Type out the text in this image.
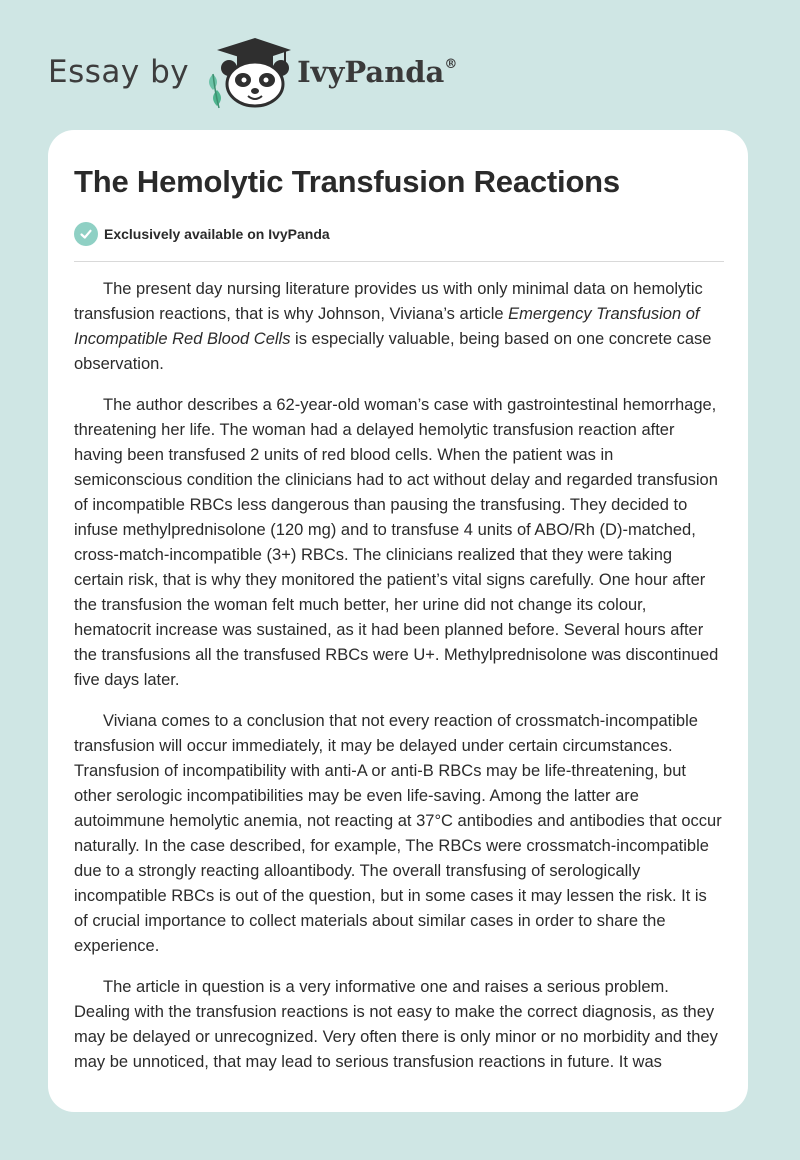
Essay by	IvyPanda®
The Hemolytic Transfusion Reactions
Exclusively available on IvyPanda

The present day nursing literature provides us with only minimal data on hemolytic transfusion reactions, that is why Johnson, Viviana’s article Emergency Transfusion of Incompatible Red Blood Cells is especially valuable, being based on one concrete case observation.

The author describes a 62-year-old woman’s case with gastrointestinal hemorrhage, threatening her life. The woman had a delayed hemolytic transfusion reaction after having been transfused 2 units of red blood cells. When the patient was in semiconscious condition the clinicians had to act without delay and regarded transfusion of incompatible RBCs less dangerous than pausing the transfusing. They decided to infuse methylprednisolone (120 mg) and to transfuse 4 units of ABO/Rh (D)-matched, cross-match-incompatible (3+) RBCs. The clinicians realized that they were taking certain risk, that is why they monitored the patient’s vital signs carefully. One hour after the transfusion the woman felt much better, her urine did not change its colour, hematocrit increase was sustained, as it had been planned before. Several hours after the transfusions all the transfused RBCs were U+. Methylprednisolone was discontinued five days later.

Viviana comes to a conclusion that not every reaction of crossmatch-incompatible transfusion will occur immediately, it may be delayed under certain circumstances. Transfusion of incompatibility with anti-A or anti-B RBCs may be life-threatening, but other serologic incompatibilities may be even life-saving. Among the latter are autoimmune hemolytic anemia, not reacting at 37°C antibodies and antibodies that occur naturally. In the case described, for example, The RBCs were crossmatch-incompatible due to a strongly reacting alloantibody. The overall transfusing of serologically incompatible RBCs is out of the question, but in some cases it may lessen the risk. It is of crucial importance to collect materials about similar cases in order to share the experience.

The article in question is a very informative one and raises a serious problem. Dealing with the transfusion reactions is not easy to make the correct diagnosis, as they may be delayed or unrecognized. Very often there is only minor or no morbidity and they may be unnoticed, that may lead to serious transfusion reactions in future. It was
